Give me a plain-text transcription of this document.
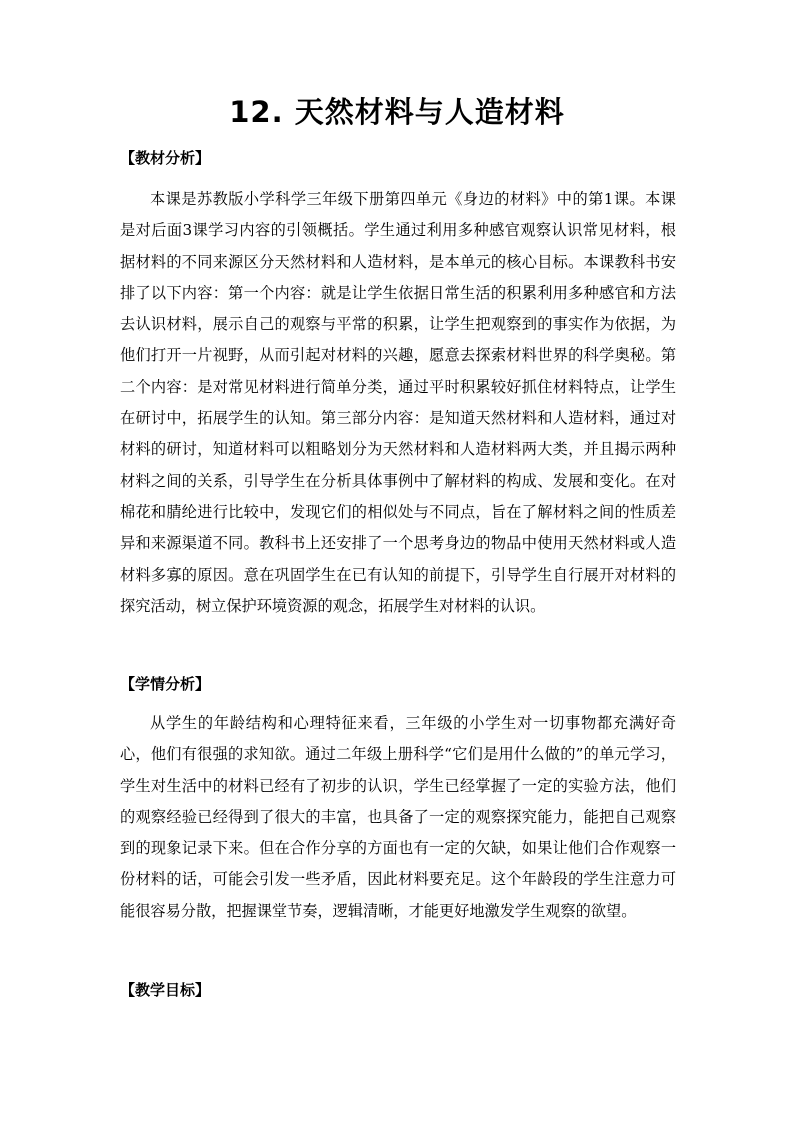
12. 天然材料与人造材料
【教材分析】

本课是苏教版小学科学三年级下册第四单元《身边的材料》中的第1课。本课是对后面3课学习内容的引领概括。学生通过利用多种感官观察认识常见材料，根据材料的不同来源区分天然材料和人造材料，是本单元的核心目标。本课教科书安排了以下内容：第一个内容：就是让学生依据日常生活的积累利用多种感官和方法去认识材料，展示自己的观察与平常的积累，让学生把观察到的事实作为依据，为他们打开一片视野，从而引起对材料的兴趣，愿意去探索材料世界的科学奥秘。第二个内容：是对常见材料进行简单分类，通过平时积累较好抓住材料特点，让学生在研讨中，拓展学生的认知。第三部分内容：是知道天然材料和人造材料，通过对材料的研讨，知道材料可以粗略划分为天然材料和人造材料两大类，并且揭示两种材料之间的关系，引导学生在分析具体事例中了解材料的构成、发展和变化。在对棉花和腈纶进行比较中，发现它们的相似处与不同点，旨在了解材料之间的性质差异和来源渠道不同。教科书上还安排了一个思考身边的物品中使用天然材料或人造材料多寡的原因。意在巩固学生在已有认知的前提下，引导学生自行展开对材料的探究活动，树立保护环境资源的观念，拓展学生对材料的认识。

【学情分析】

从学生的年龄结构和心理特征来看，三年级的小学生对一切事物都充满好奇心，他们有很强的求知欲。通过二年级上册科学“它们是用什么做的”的单元学习，学生对生活中的材料已经有了初步的认识，学生已经掌握了一定的实验方法，他们的观察经验已经得到了很大的丰富，也具备了一定的观察探究能力，能把自己观察到的现象记录下来。但在合作分享的方面也有一定的欠缺，如果让他们合作观察一份材料的话，可能会引发一些矛盾，因此材料要充足。这个年龄段的学生注意力可能很容易分散，把握课堂节奏，逻辑清晰，才能更好地激发学生观察的欲望。

【教学目标】
